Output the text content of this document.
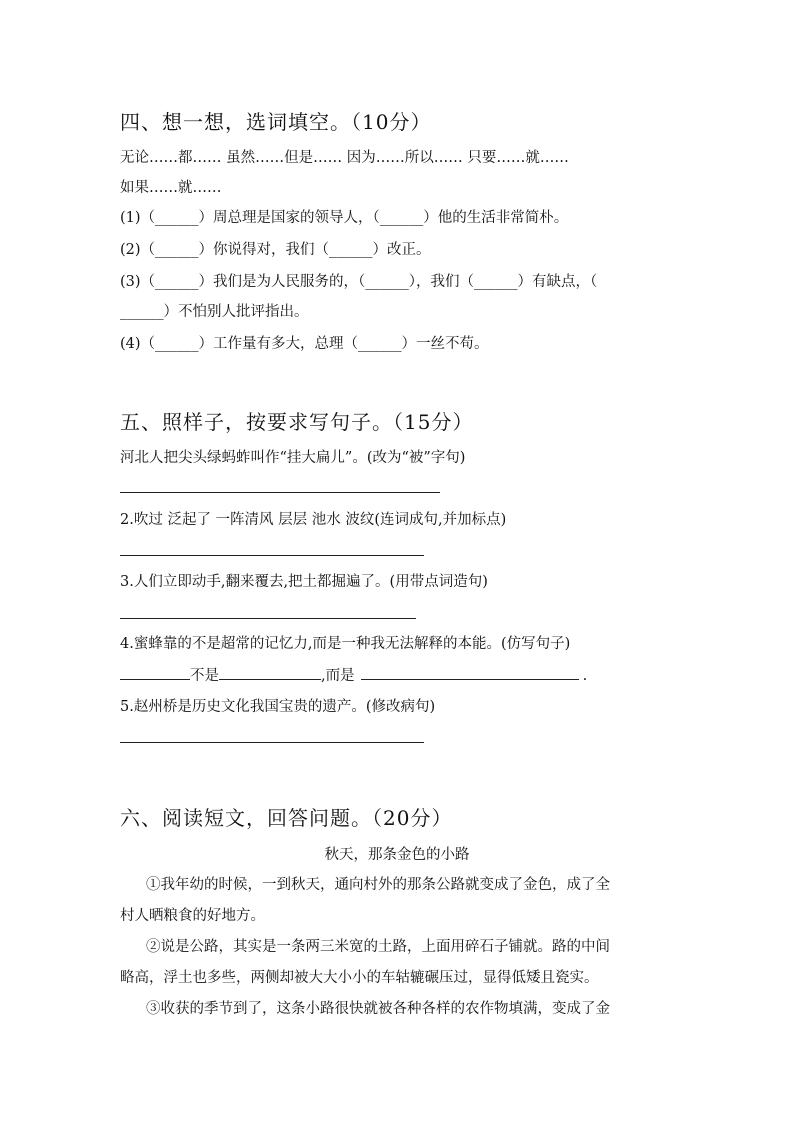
四、想一想，选词填空。（10分）
无论……都…… 虽然……但是…… 因为……所以…… 只要……就……
如果……就……
(1)（______）周总理是国家的领导人，（______）他的生活非常简朴。
(2)（______）你说得对，我们（______）改正。
(3)（______）我们是为人民服务的，（______），我们（______）有缺点，（
______）不怕别人批评指出。
(4)（______）工作量有多大，总理（______）一丝不苟。
五、照样子，按要求写句子。（15分）
河北人把尖头绿蚂蚱叫作“挂大扁儿”。(改为“被”字句)
2.吹过 泛起了 一阵清风 层层 池水 波纹(连词成句,并加标点)
3.人们立即动手,翻来覆去,把土都掘遍了。(用带点词造句)
4.蜜蜂靠的不是超常的记忆力,而是一种我无法解释的本能。(仿写句子)
不是	,而是	.
5.赵州桥是历史文化我国宝贵的遗产。(修改病句)
六、阅读短文，回答问题。（20分）
秋天，那条金色的小路
①我年幼的时候，一到秋天，通向村外的那条公路就变成了金色，成了全
村人晒粮食的好地方。
②说是公路，其实是一条两三米宽的土路，上面用碎石子铺就。路的中间
略高，浮土也多些，两侧却被大大小小的车轱辘碾压过，显得低矮且瓷实。
③收获的季节到了，这条小路很快就被各种各样的农作物填满，变成了金
